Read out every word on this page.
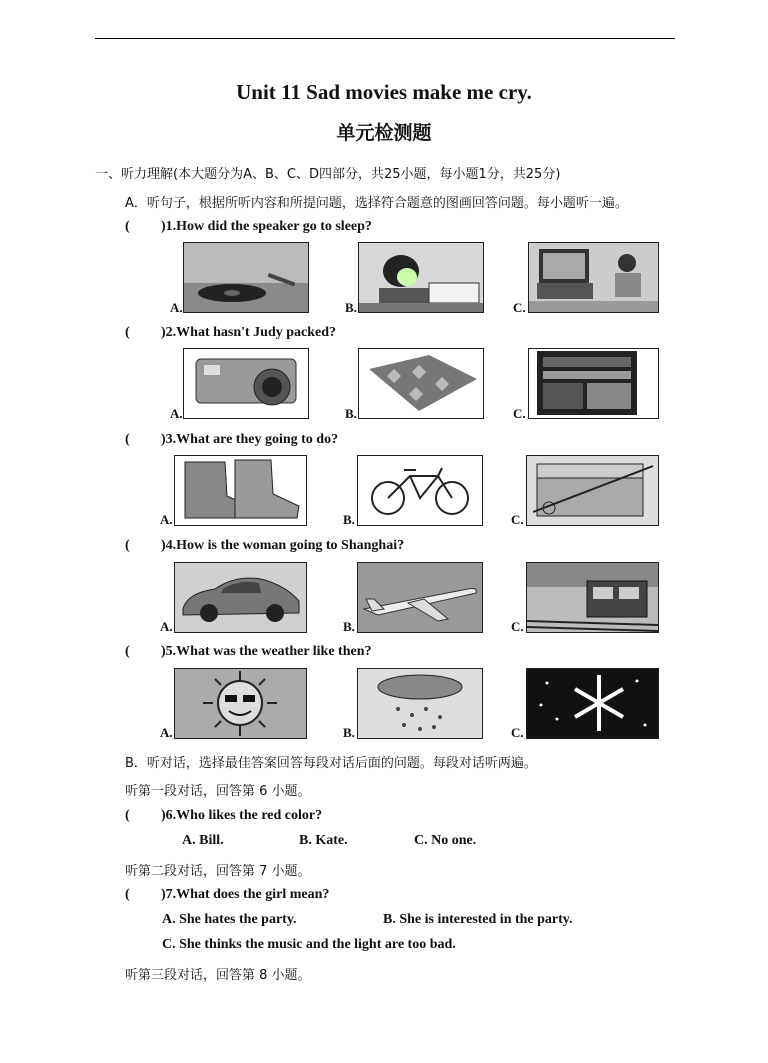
Unit 11 Sad movies make me cry.
单元检测题
一、听力理解(本大题分为A、B、C、D四部分，共25小题，每小题1分，共25分)
A．听句子，根据所听内容和所提问题，选择符合题意的图画回答问题。每小题听一遍。
( )1.How did the speaker go to sleep?
A.	B.	C.
( )2.What hasn't Judy packed?
A.	B.	C.
( )3.What are they going to do?
A.	B.	C.
( )4.How is the woman going to Shanghai?
A.	B.	C.
( )5.What was the weather like then?
A.	B.	C.
B．听对话，选择最佳答案回答每段对话后面的问题。每段对话听两遍。
听第一段对话，回答第 6 小题。
( )6.Who likes the red color?
A. Bill.	B. Kate.	C. No one.
听第二段对话，回答第 7 小题。
( )7.What does the girl mean?
A. She hates the party.	B. She is interested in the party.
C. She thinks the music and the light are too bad.
听第三段对话，回答第 8 小题。
